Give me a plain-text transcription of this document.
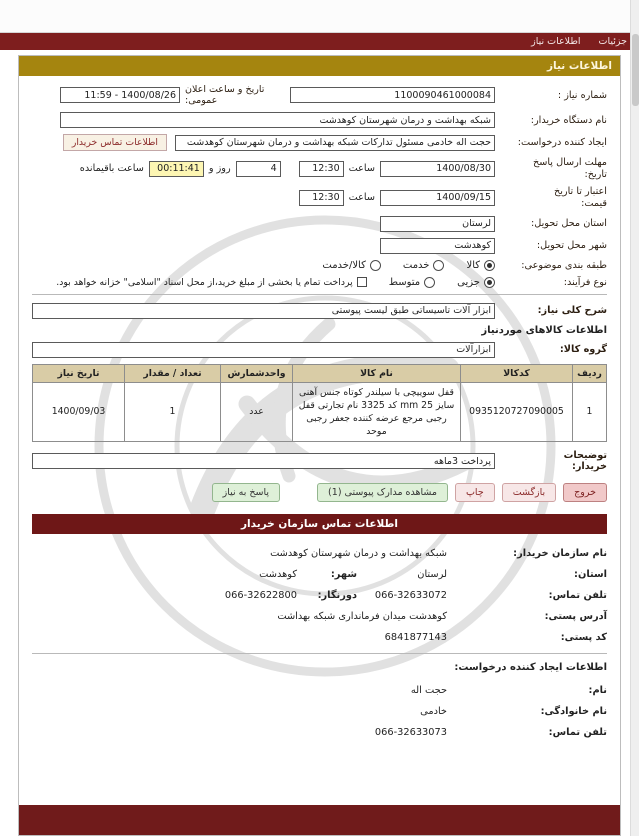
جزئیات
اطلاعات نیاز
اطلاعات نیاز
شماره نیاز :
1100090461000084
تاریخ و ساعت اعلان عمومی:
1400/08/26 - 11:59
نام دستگاه خریدار:
شبکه بهداشت و درمان شهرستان کوهدشت
ایجاد کننده درخواست:
حجت اله خادمی مسئول تدارکات شبکه بهداشت و درمان شهرستان کوهدشت
اطلاعات تماس خریدار
مهلت ارسال پاسخ
تاریخ:
1400/08/30
ساعت
12:30
4
روز و
00:11:41
ساعت باقیمانده
اعتبار تا تاریخ
قیمت:
1400/09/15
ساعت
12:30
استان محل تحویل:
لرستان
شهر محل تحویل:
کوهدشت
طبقه بندی موضوعی:
کالا
خدمت
کالا/خدمت
نوع فرآیند:
جزیی
متوسط
پرداخت تمام یا بخشی از مبلغ خرید،از محل اسناد "اسلامی" خزانه خواهد بود.
شرح کلی نیاز:
ابزار آلات تاسیساتی طبق لیست پیوستی
اطلاعات کالاهای موردنیاز
گروه کالا:
ابزارآلات
ردیف	کدکالا	نام کالا	واحدشمارش	تعداد / مقدار	تاریخ نیاز
1	0935120727090005	قفل سوییچی با سیلندر کوتاه جنس آهنی سایز 25 mm کد 3325 نام تجارتی قفل رجبی مرجع عرضه کننده جعفر رجبی موحد	عدد	1	1400/09/03
توضیحات
خریدار:
پرداخت 3ماهه
خروج
بازگشت
چاپ
مشاهده مدارک پیوستی (1)
پاسخ به نیاز
اطلاعات تماس سازمان خریدار
نام سازمان خریدار:
شبکه بهداشت و درمان شهرستان کوهدشت
استان:
لرستان
شهر:
کوهدشت
تلفن تماس:
066-32633072
دورنگار:
066-32622800
آدرس پستی:
کوهدشت میدان فرمانداری شبکه بهداشت
کد پستی:
6841877143
اطلاعات ایجاد کننده درخواست:
نام:
حجت اله
نام خانوادگی:
خادمی
تلفن تماس:
066-32633073
